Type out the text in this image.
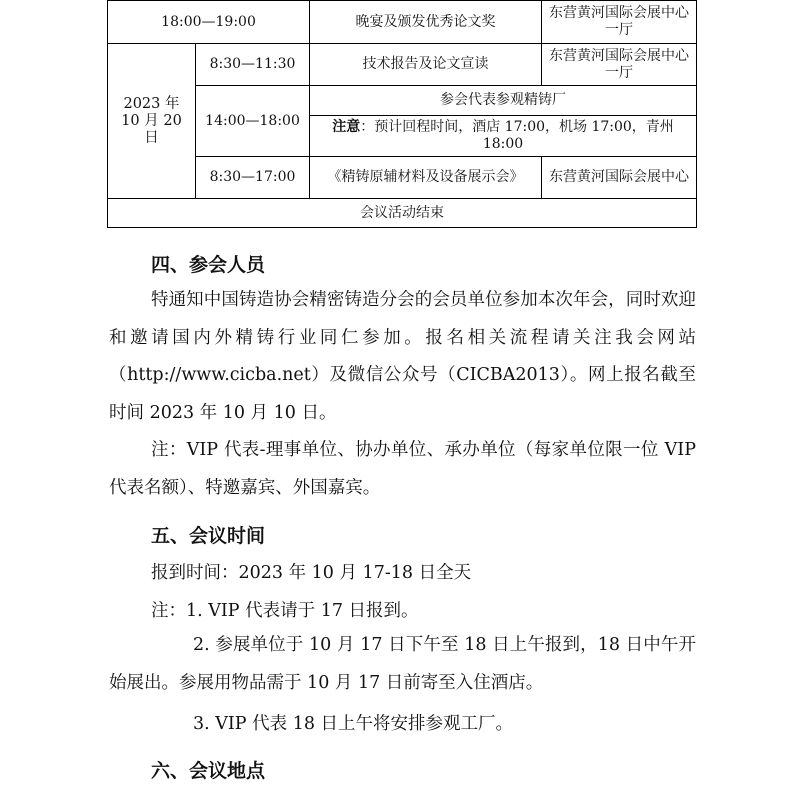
18:00—19:00		晚宴及颁发优秀论文奖	东营黄河国际会展中心一厅
2023 年 10 月 20 日	8:30—11:30	技术报告及论文宣读	东营黄河国际会展中心一厅
	14:00—18:00	参会代表参观精铸厂	
		注意：预计回程时间，酒店 17:00，机场 17:00，青州 18:00	
	8:30—17:00	《精铸原辅材料及设备展示会》	东营黄河国际会展中心
会议活动结束			
四、参会人员
特通知中国铸造协会精密铸造分会的会员单位参加本次年会，同时欢迎和邀请国内外精铸行业同仁参加。报名相关流程请关注我会网站（http://www.cicba.net）及微信公众号（CICBA2013）。网上报名截至时间 2023 年 10 月 10 日。
注：VIP 代表-理事单位、协办单位、承办单位（每家单位限一位 VIP 代表名额）、特邀嘉宾、外国嘉宾。
五、会议时间
报到时间：2023 年 10 月 17-18 日全天
注：1. VIP 代表请于 17 日报到。
2. 参展单位于 10 月 17 日下午至 18 日上午报到，18 日中午开始展出。参展用物品需于 10 月 17 日前寄至入住酒店。
3. VIP 代表 18 日上午将安排参观工厂。
六、会议地点
